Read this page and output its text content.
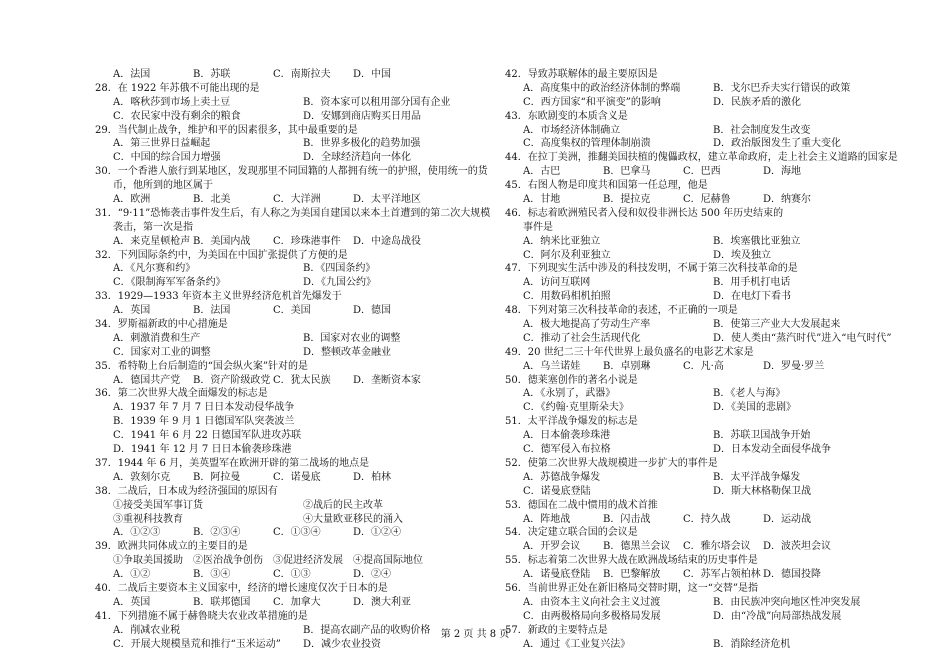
A．法国	B．苏联	C．南斯拉夫	D．中国
28．在 1922 年苏俄不可能出现的是
A．喀秋莎到市场上卖土豆	B．资本家可以租用部分国有企业
C．农民家中没有剩余的粮食	D．安娜到商店购买日用品
29．当代制止战争，维护和平的因素很多，其中最重要的是
A．第三世界日益崛起	B．世界多极化的趋势加强
C．中国的综合国力增强	D．全球经济趋向一体化
30．一个香港人旅行到某地区，发现那里不同国籍的人都拥有统一的护照，使用统一的货
币，他所到的地区属于
A．欧洲	B．北美	C．大洋洲	D．太平洋地区
31．“9·11”恐怖袭击事件发生后，有人称之为美国自建国以来本土首遭到的第二次大规模
袭击，第一次是指
A．来克星顿枪声 B．美国内战	C．珍珠港事件	D．中途岛战役
32．下列国际条约中，为美国在中国扩张提供了方便的是
A．《凡尔赛和约》	B．《四国条约》
C．《限制海军军备条约》	D．《九国公约》
33．1929—1933 年资本主义世界经济危机首先爆发于
A．英国	B．法国	C．美国	D．德国
34．罗斯福新政的中心措施是
A．刺激消费和生产	B．国家对农业的调整
C．国家对工业的调整	D．整顿改革金融业
35．希特勒上台后制造的“国会纵火案”针对的是
A．德国共产党	B．资产阶级政党 C．犹太民族	D．垄断资本家
36．第二次世界大战全面爆发的标志是
A．1937 年 7 月 7 日日本发动侵华战争
B．1939 年 9 月 1 日德国军队突袭波兰
C．1941 年 6 月 22 日德国军队进攻苏联
D．1941 年 12 月 7 日日本偷袭珍珠港
37．1944 年 6 月，美英盟军在欧洲开辟的第二战场的地点是
A．敦刻尔克	B．阿拉曼	C．诺曼底	D．柏林
38．二战后，日本成为经济强国的原因有
①接受美国军事订货	②战后的民主改革
③重视科技教育	④大量欧亚移民的涌入
A．①②③	B．②③④	C．①③④	D．①②④
39．欧洲共同体成立的主要目的是
①争取美国援助	②医治战争创伤	③促进经济发展	④提高国际地位
A．①②	B．③④	C．①③	D．②④
40．二战后主要资本主义国家中，经济的增长速度仅次于日本的是
A．英国	B．联邦德国	C．加拿大	D．澳大利亚
41．下列措施不属于赫鲁晓夫农业改革措施的是
A．削减农业税	B．提高农副产品的收购价格
C．开展大规模垦荒和推行“玉米运动”	D．减少农业投资
42．导致苏联解体的最主要原因是
A．高度集中的政治经济体制的弊端	B．戈尔巴乔夫实行错误的政策
C．西方国家“和平演变”的影响	D．民族矛盾的激化
43．东欧剧变的本质含义是
A．市场经济体制确立	B．社会制度发生改变
C．高度集权的管理体制崩溃	D．政治版图发生了重大变化
44．在拉丁美洲，推翻美国扶植的傀儡政权，建立革命政府，走上社会主义道路的国家是
A．古巴	B．巴拿马	C．巴西	D．海地
45．右图人物是印度共和国第一任总理，他是
A．甘地	B．提拉克	C．尼赫鲁	D．纳赛尔
46．标志着欧洲殖民者入侵和奴役非洲长达 500 年历史结束的
事件是
A．纳米比亚独立	B．埃塞俄比亚独立
C．阿尔及利亚独立	D．埃及独立
47．下列现实生活中涉及的科技发明，不属于第三次科技革命的是
A．访问互联网	B．用手机打电话
C．用数码相机拍照	D．在电灯下看书
48．下列对第三次科技革命的表述，不正确的一项是
A．极大地提高了劳动生产率	B．使第三产业大大发展起来
C．推动了社会生活现代化	D．使人类由“蒸汽时代”进入“电气时代”
49．20 世纪二三十年代世界上最负盛名的电影艺术家是
A．乌兰诺娃	B．卓别琳	C．凡·高	D．罗曼·罗兰
50．德莱塞创作的著名小说是
A．《永别了，武器》	B．《老人与海》
C．《约翰·克里斯朵夫》	D．《美国的悲剧》
51．太平洋战争爆发的标志是
A．日本偷袭珍珠港	B．苏联卫国战争开始
C．德军侵入布拉格	D．日本发动全面侵华战争
52．使第二次世界大战规模进一步扩大的事件是
A．苏德战争爆发	B．太平洋战争爆发
C．诺曼底登陆	D．斯大林格勒保卫战
53．德国在二战中惯用的战术首推
A．阵地战	B．闪击战	C．持久战	D．运动战
54．决定建立联合国的会议是
A．开罗会议	B．德黑兰会议	C．雅尔塔会议	D．波茨坦会议
55．标志着第二次世界大战在欧洲战场结束的历史事件是
A．诺曼底登陆	B．巴黎解放	C．苏军占领柏林 D．德国投降
56．当前世界正处在新旧格局交替时期，这一“交替”是指
A．由资本主义向社会主义过渡	B．由民族冲突向地区性冲突发展
C．由两极格局向多极格局发展	D．由“冷战”向局部热战发展
57．新政的主要特点是
A．通过《工业复兴法》	B．消除经济危机
第 2 页 共 8 页
